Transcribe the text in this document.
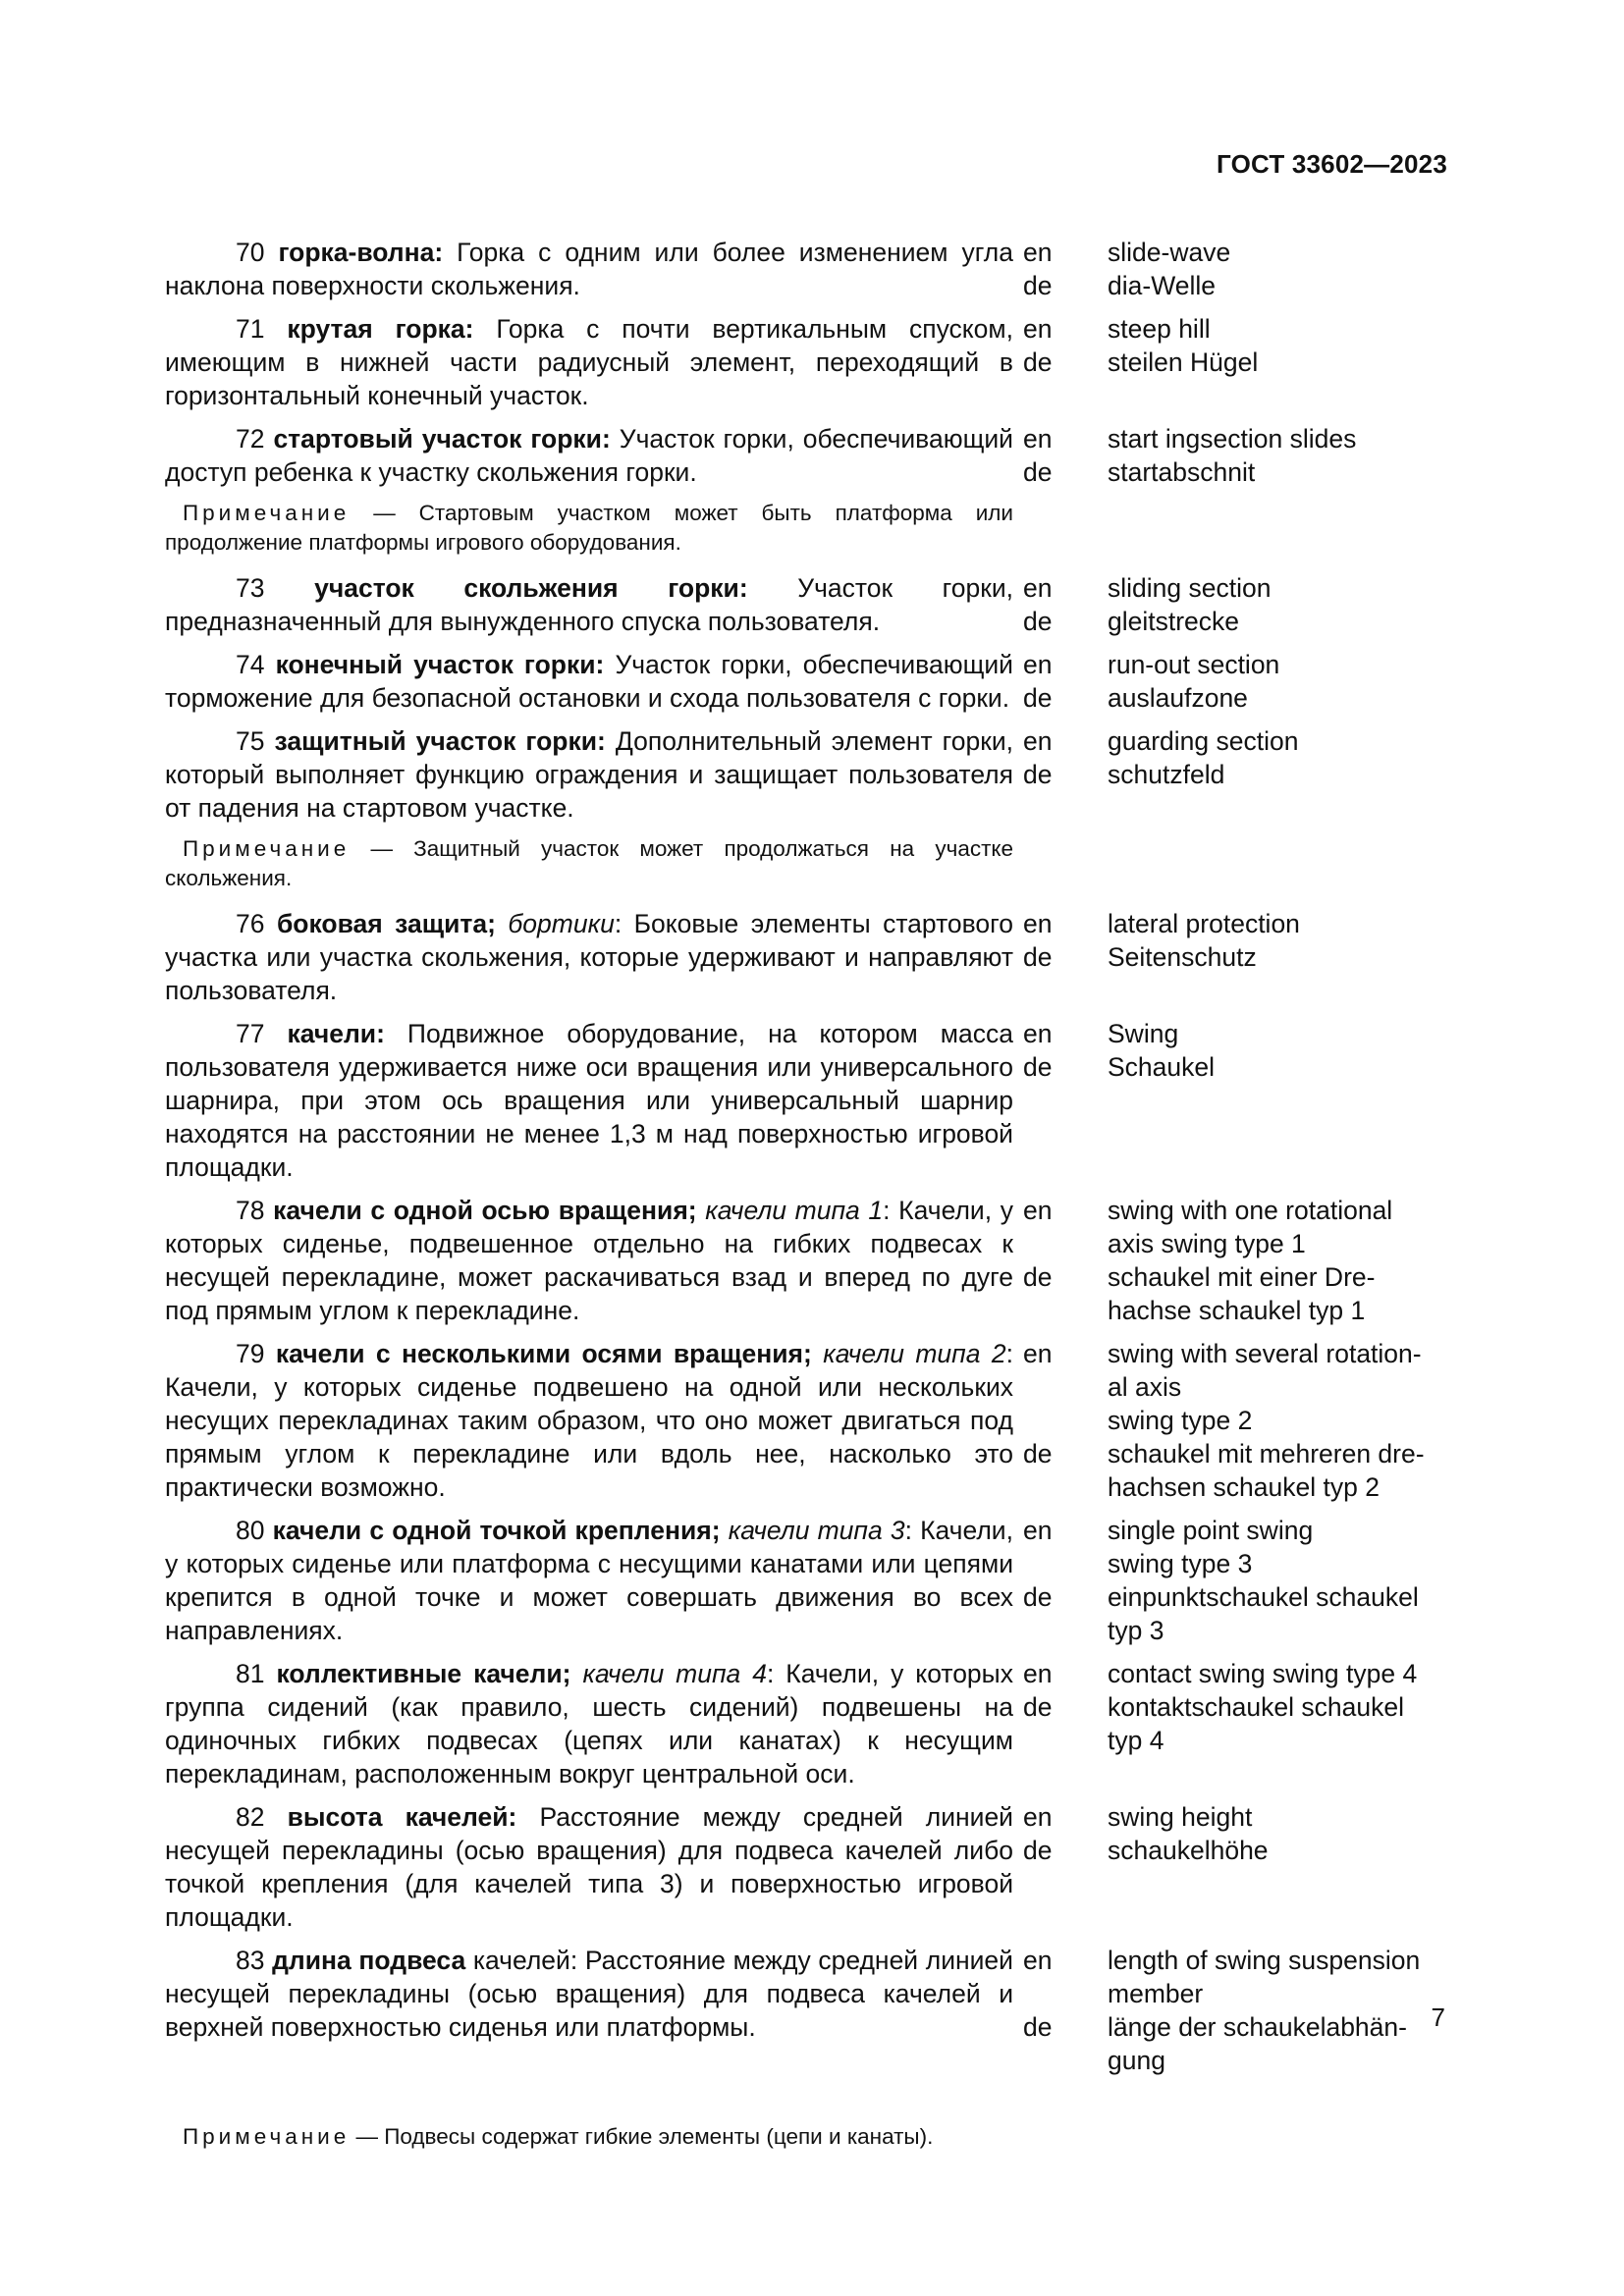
ГОСТ 33602—2023
70 горка-волна: Горка с одним или более изменением угла наклона поверхности скольжения.
en
de
slide-wave
dia-Welle
71 крутая горка: Горка с почти вертикальным спуском, имеющим в нижней части радиусный элемент, переходящий в горизонтальный конечный участок.
en
de
steep hill
steilen Hügel
72 стартовый участок горки: Участок горки, обеспечивающий доступ ребенка к участку скольжения горки.
en
de
start ingsection slides
startabschnit
Примечание — Стартовым участком может быть платформа или продолжение платформы игрового оборудования.
73 участок скольжения горки: Участок горки, предназначенный для вынужденного спуска пользователя.
en
de
sliding section
gleitstrecke
74 конечный участок горки: Участок горки, обеспечивающий торможение для безопасной остановки и схода пользователя с горки.
en
de
run-out section
auslaufzone
75 защитный участок горки: Дополнительный элемент горки, который выполняет функцию ограждения и защищает пользователя от падения на стартовом участке.
en
de
guarding section
schutzfeld
Примечание — Защитный участок может продолжаться на участке скольжения.
76 боковая защита; бортики: Боковые элементы стартового участка или участка скольжения, которые удерживают и направляют пользователя.
en
de
lateral protection
Seitenschutz
77 качели: Подвижное оборудование, на котором масса пользователя удерживается ниже оси вращения или универсального шарнира, при этом ось вращения или универсальный шарнир находятся на расстоянии не менее 1,3 м над поверхностью игровой площадки.
en
de
Swing
Schaukel
78 качели с одной осью вращения; качели типа 1: Качели, у которых сиденье, подвешенное отдельно на гибких подвесах к несущей перекладине, может раскачиваться взад и вперед по дуге под прямым углом к перекладине.
en
de
swing with one rotational
axis swing type 1
schaukel mit einer Dre-
hachse schaukel typ 1
79 качели с несколькими осями вращения; качели типа 2: Качели, у которых сиденье подвешено на одной или нескольких несущих перекладинах таким образом, что оно может двигаться под прямым углом к перекладине или вдоль нее, насколько это практически возможно.
en
de
swing with several rotation-
al axis
swing type 2
schaukel mit mehreren dre-
hachsen schaukel typ 2
80 качели с одной точкой крепления; качели типа 3: Качели, у которых сиденье или платформа с несущими канатами или цепями крепится в одной точке и может совершать движения во всех направлениях.
en
de
single point swing
swing type 3
einpunktschaukel schaukel
typ 3
81 коллективные качели; качели типа 4: Качели, у которых группа сидений (как правило, шесть сидений) подвешены на одиночных гибких подвесах (цепях или канатах) к несущим перекладинам, расположенным вокруг центральной оси.
en
de
contact swing swing type 4
kontaktschaukel schaukel
typ 4
82 высота качелей: Расстояние между средней линией несущей перекладины (осью вращения) для подвеса качелей либо точкой крепления (для качелей типа 3) и поверхностью игровой площадки.
en
de
swing height
schaukelhöhe
83 длина подвеса качелей: Расстояние между средней линией несущей перекладины (осью вращения) для подвеса качелей и верхней поверхностью сиденья или платформы.
en
de
length of swing suspension
member
länge der schaukelabhän-
gung
Примечание — Подвесы содержат гибкие элементы (цепи и канаты).
7
